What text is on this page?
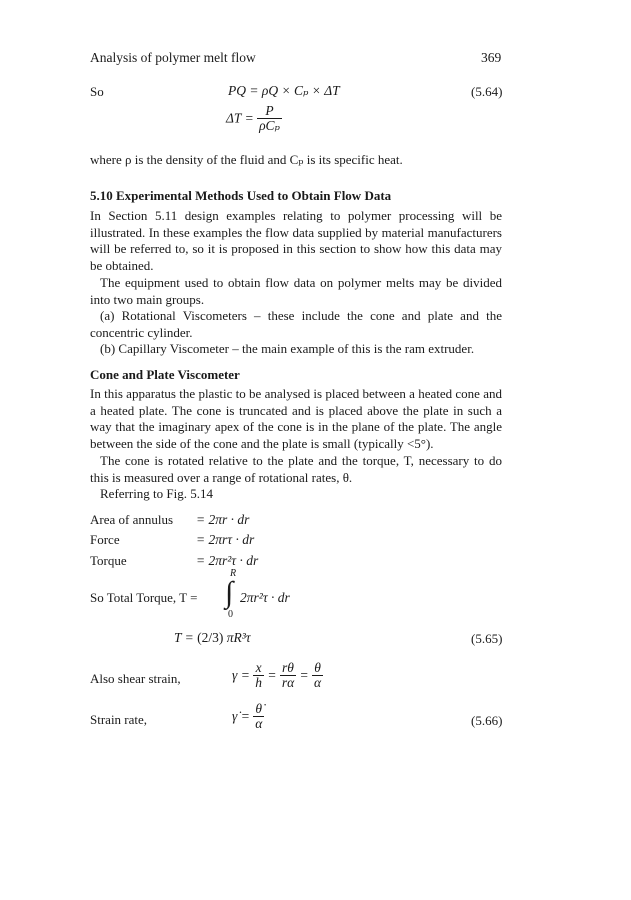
Analysis of polymer melt flow	369
So	PQ = ρQ × Cₚ × ΔT	(5.64)
$\Delta T = \frac{P}{\text{ρCₚ}}$
where ρ is the density of the fluid and Cₚ is its specific heat.
5.10 Experimental Methods Used to Obtain Flow Data
In Section 5.11 design examples relating to polymer processing will be illustrated. In these examples the flow data supplied by material manufacturers will be referred to, so it is proposed in this section to show how this data may be obtained.
The equipment used to obtain flow data on polymer melts may be divided into two main groups.
(a) Rotational Viscometers – these include the cone and plate and the concentric cylinder.
(b) Capillary Viscometer – the main example of this is the ram extruder.
Cone and Plate Viscometer
In this apparatus the plastic to be analysed is placed between a heated cone and a heated plate. The cone is truncated and is placed above the plate in such a way that the imaginary apex of the cone is in the plane of the plate. The angle between the side of the cone and the plate is small (typically <5°).
The cone is rotated relative to the plate and the torque, T, necessary to do this is measured over a range of rotational rates, θ.
Referring to Fig. 5.14
Area of annulus = 2πr · dr
Force	= 2πrτ · dr
Torque	= 2πr²τ · dr
R
So Total Torque, T = ∫ 2πr²τ · dr
0
T = (2/3) πR³τ	(5.65)
Also shear strain,	$\gamma = \frac{x}{h} = \frac{r\theta}{r\alpha} = \frac{\theta}{\alpha}$
Strain rate,	γ̇ = $\frac{\thetȧ}{\alpha}$	(5.66)
